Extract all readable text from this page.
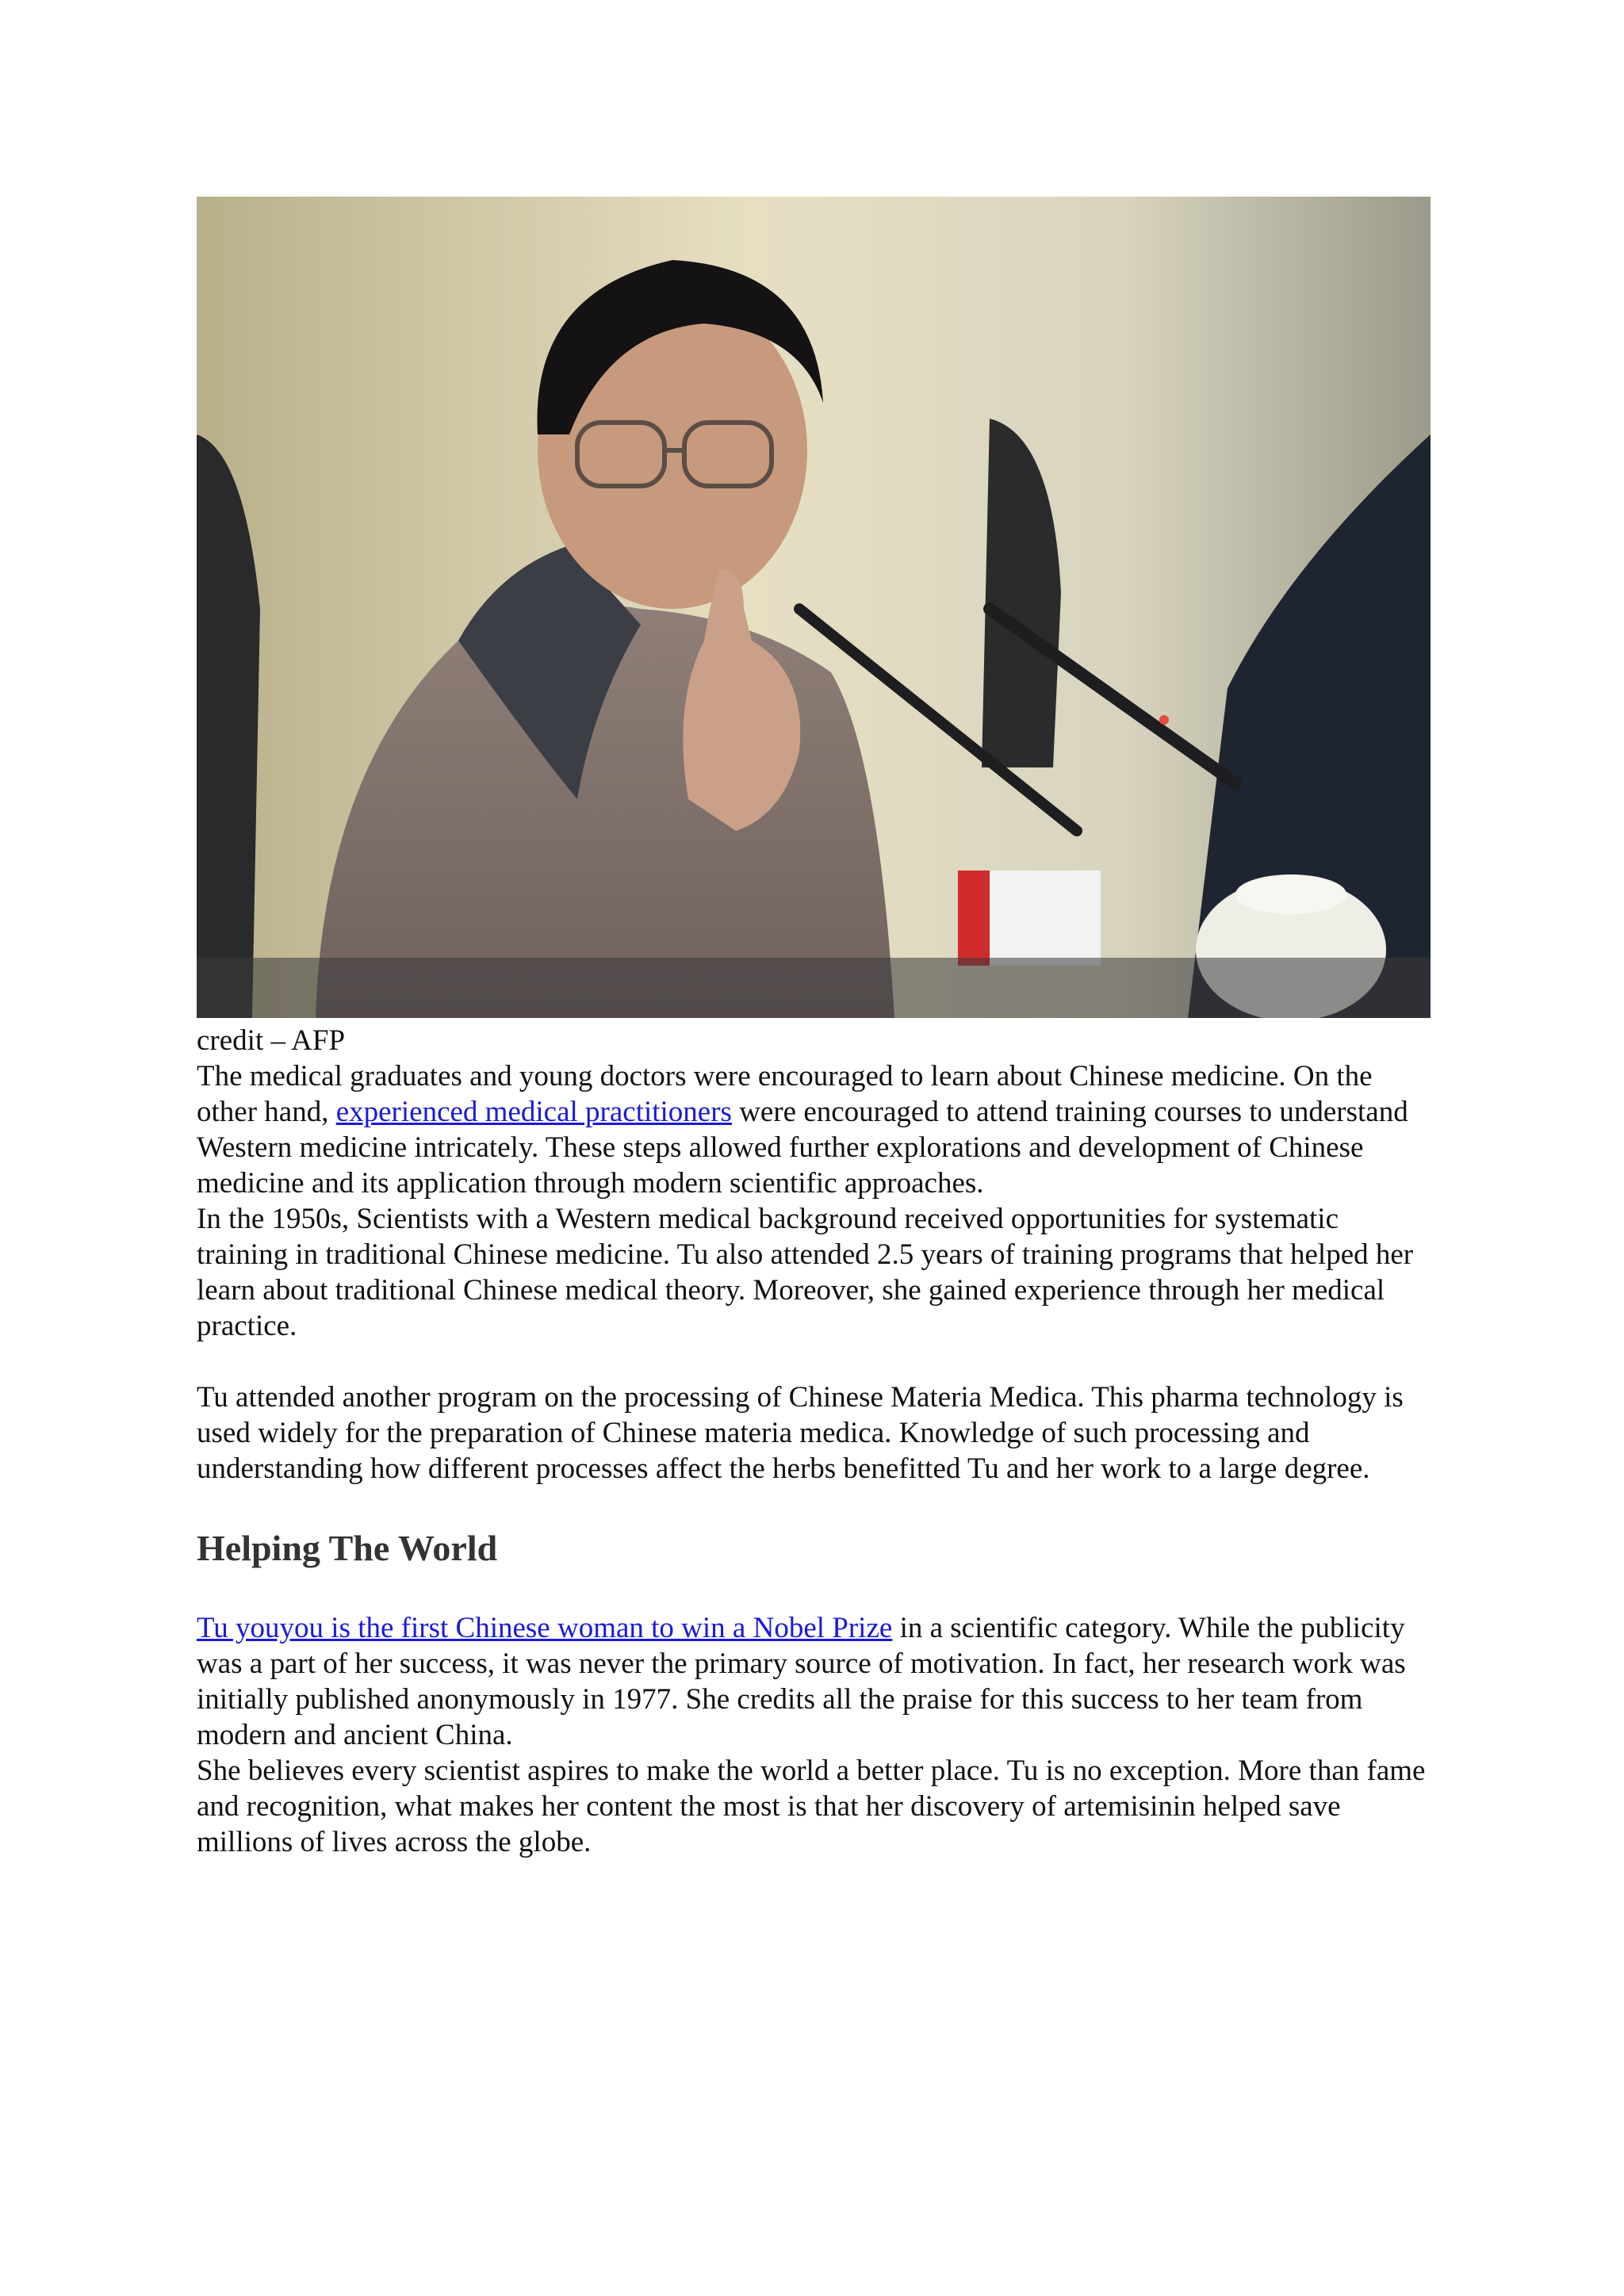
credit – AFP

The medical graduates and young doctors were encouraged to learn about Chinese medicine. On the other hand, experienced medical practitioners were encouraged to attend training courses to understand Western medicine intricately. These steps allowed further explorations and development of Chinese medicine and its application through modern scientific approaches.

In the 1950s, Scientists with a Western medical background received opportunities for systematic training in traditional Chinese medicine. Tu also attended 2.5 years of training programs that helped her learn about traditional Chinese medical theory. Moreover, she gained experience through her medical practice.

Tu attended another program on the processing of Chinese Materia Medica. This pharma technology is used widely for the preparation of Chinese materia medica. Knowledge of such processing and understanding how different processes affect the herbs benefitted Tu and her work to a large degree.

Helping The World

Tu youyou is the first Chinese woman to win a Nobel Prize in a scientific category. While the publicity was a part of her success, it was never the primary source of motivation. In fact, her research work was initially published anonymously in 1977. She credits all the praise for this success to her team from modern and ancient China.

She believes every scientist aspires to make the world a better place. Tu is no exception. More than fame and recognition, what makes her content the most is that her discovery of artemisinin helped save millions of lives across the globe.
